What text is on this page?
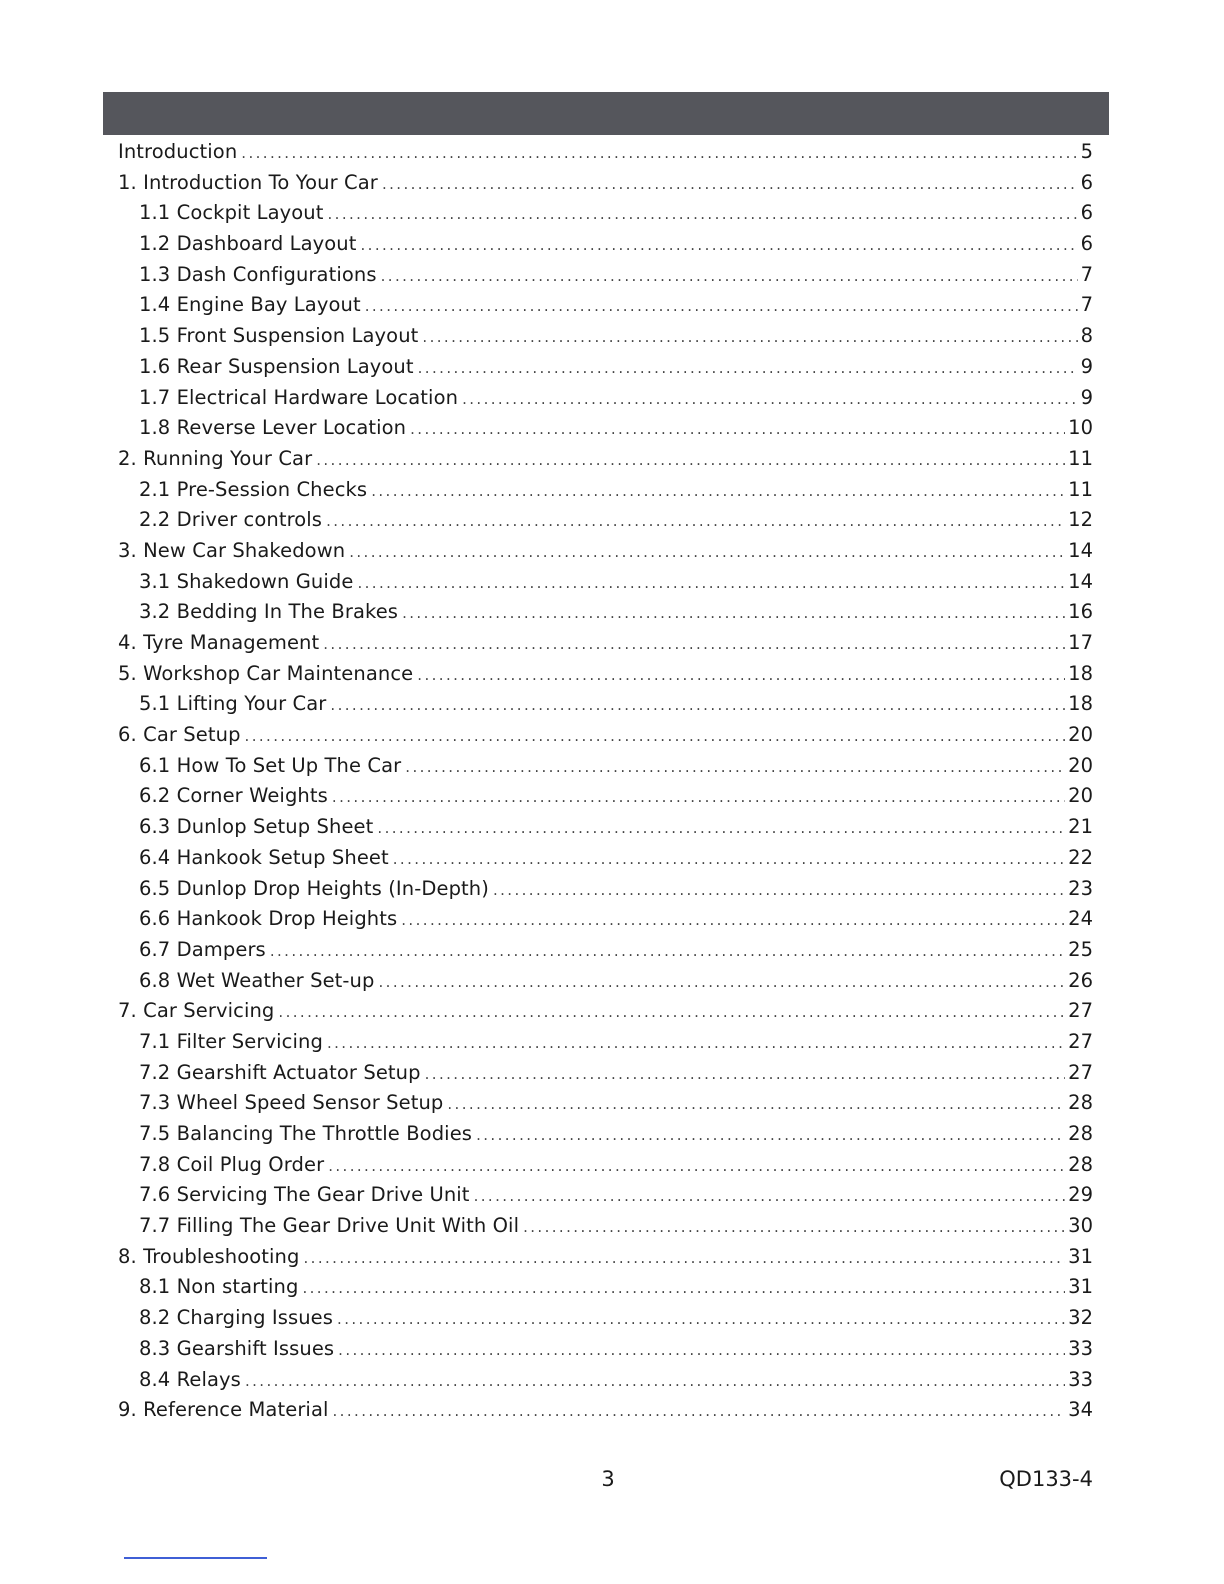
Introduction .....	5
1. Introduction To Your Car .....	6
1.1 Cockpit Layout .....	6
1.2 Dashboard Layout .....	6
1.3 Dash Configurations .....	7
1.4 Engine Bay Layout .....	7
1.5 Front Suspension Layout .....	8
1.6 Rear Suspension Layout .....	9
1.7 Electrical Hardware Location .....	9
1.8 Reverse Lever Location .....	10
2. Running Your Car .....	11
2.1 Pre-Session Checks .....	11
2.2 Driver controls .....	12
3. New Car Shakedown .....	14
3.1 Shakedown Guide .....	14
3.2 Bedding In The Brakes .....	16
4. Tyre Management .....	17
5. Workshop Car Maintenance .....	18
5.1 Lifting Your Car .....	18
6. Car Setup .....	20
6.1 How To Set Up The Car .....	20
6.2 Corner Weights .....	20
6.3 Dunlop Setup Sheet .....	21
6.4 Hankook Setup Sheet .....	22
6.5 Dunlop Drop Heights (In-Depth) .....	23
6.6 Hankook Drop Heights .....	24
6.7 Dampers .....	25
6.8 Wet Weather Set-up .....	26
7. Car Servicing .....	27
7.1 Filter Servicing .....	27
7.2 Gearshift Actuator Setup .....	27
7.3 Wheel Speed Sensor Setup .....	28
7.5 Balancing The Throttle Bodies .....	28
7.8 Coil Plug Order .....	28
7.6 Servicing The Gear Drive Unit .....	29
7.7 Filling The Gear Drive Unit With Oil .....	30
8. Troubleshooting .....	31
8.1 Non starting .....	31
8.2 Charging Issues .....	32
8.3 Gearshift Issues .....	33
8.4 Relays .....	33
9. Reference Material .....	34
3	QD133-4
